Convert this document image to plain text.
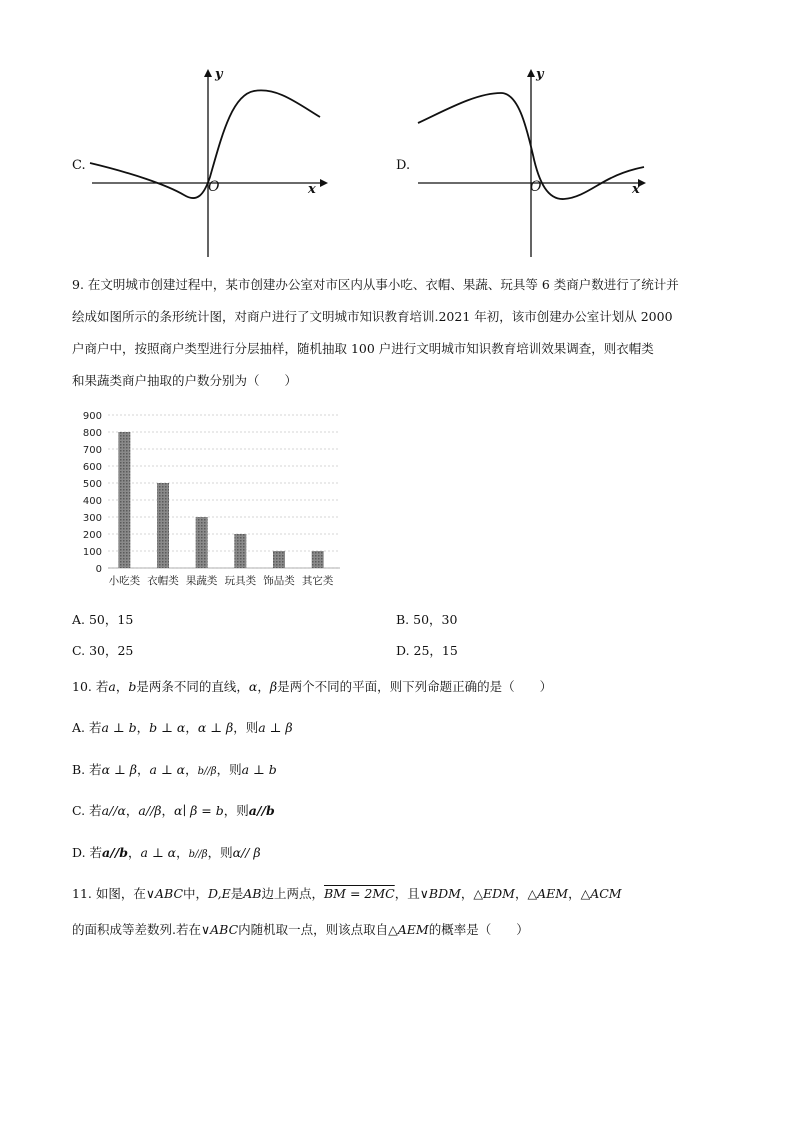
C.
y
x
O
D.
y
x
O
9. 在文明城市创建过程中，某市创建办公室对市区内从事小吃、衣帽、果蔬、玩具等 6 类商户数进行了统计并
绘成如图所示的条形统计图，对商户进行了文明城市知识教育培训.2021 年初，该市创建办公室计划从 2000
户商户中，按照商户类型进行分层抽样，随机抽取 100 户进行文明城市知识教育培训效果调查，则衣帽类
和果蔬类商户抽取的户数分别为（　　）
0
100
200
300
400
500
600
700
800
900
小吃类 衣帽类 果蔬类 玩具类 饰品类 其它类
A. 50，15	B. 50，30
C. 30，25	D. 25，15
10. 若a，b是两条不同的直线，α，β是两个不同的平面，则下列命题正确的是（　　）
A. 若a ⊥ b，b ⊥ α，α ⊥ β，则a ⊥ β
B. 若α ⊥ β，a ⊥ α，b//β，则a ⊥ b
C. 若a//α，a//β，α∣ β = b，则a//b
D. 若a//b，a ⊥ α，b//β，则α// β
11. 如图，在∨ABC中，D,E是AB边上两点，BM = 2MC，且∨BDM，△EDM，△AEM，△ACM
的面积成等差数列.若在∨ABC内随机取一点，则该点取自△AEM的概率是（　　）
